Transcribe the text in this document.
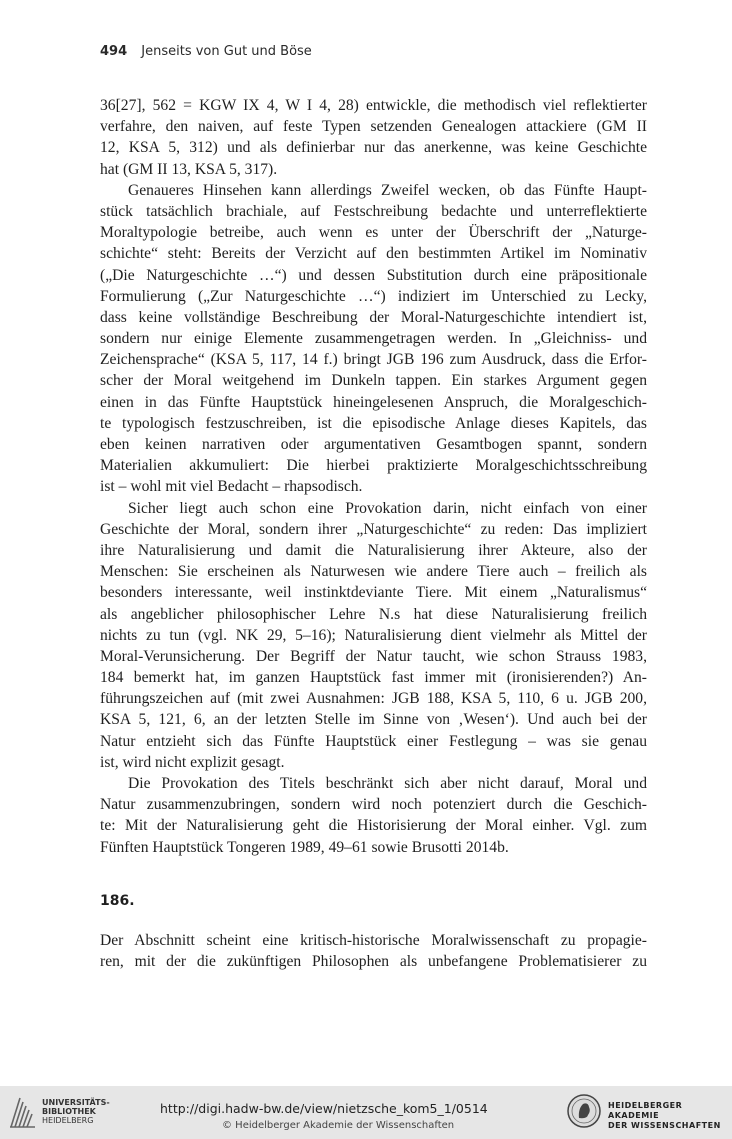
494 Jenseits von Gut und Böse
36[27], 562 = KGW IX 4, W I 4, 28) entwickle, die methodisch viel reflektierter
verfahre, den naiven, auf feste Typen setzenden Genealogen attackiere (GM II
12, KSA 5, 312) und als definierbar nur das anerkenne, was keine Geschichte
hat (GM II 13, KSA 5, 317).
Genaueres Hinsehen kann allerdings Zweifel wecken, ob das Fünfte Haupt-
stück tatsächlich brachiale, auf Festschreibung bedachte und unterreflektierte
Moraltypologie betreibe, auch wenn es unter der Überschrift der „Naturge-
schichte“ steht: Bereits der Verzicht auf den bestimmten Artikel im Nominativ
(„Die Naturgeschichte …“) und dessen Substitution durch eine präpositionale
Formulierung („Zur Naturgeschichte …“) indiziert im Unterschied zu Lecky,
dass keine vollständige Beschreibung der Moral-Naturgeschichte intendiert ist,
sondern nur einige Elemente zusammengetragen werden. In „Gleichniss- und
Zeichensprache“ (KSA 5, 117, 14 f.) bringt JGB 196 zum Ausdruck, dass die Erfor-
scher der Moral weitgehend im Dunkeln tappen. Ein starkes Argument gegen
einen in das Fünfte Hauptstück hineingelesenen Anspruch, die Moralgeschich-
te typologisch festzuschreiben, ist die episodische Anlage dieses Kapitels, das
eben keinen narrativen oder argumentativen Gesamtbogen spannt, sondern
Materialien akkumuliert: Die hierbei praktizierte Moralgeschichtsschreibung
ist – wohl mit viel Bedacht – rhapsodisch.
Sicher liegt auch schon eine Provokation darin, nicht einfach von einer
Geschichte der Moral, sondern ihrer „Naturgeschichte“ zu reden: Das impliziert
ihre Naturalisierung und damit die Naturalisierung ihrer Akteure, also der
Menschen: Sie erscheinen als Naturwesen wie andere Tiere auch – freilich als
besonders interessante, weil instinktdeviante Tiere. Mit einem „Naturalismus“
als angeblicher philosophischer Lehre N.s hat diese Naturalisierung freilich
nichts zu tun (vgl. NK 29, 5–16); Naturalisierung dient vielmehr als Mittel der
Moral-Verunsicherung. Der Begriff der Natur taucht, wie schon Strauss 1983,
184 bemerkt hat, im ganzen Hauptstück fast immer mit (ironisierenden?) An-
führungszeichen auf (mit zwei Ausnahmen: JGB 188, KSA 5, 110, 6 u. JGB 200,
KSA 5, 121, 6, an der letzten Stelle im Sinne von ‚Wesen‘). Und auch bei der
Natur entzieht sich das Fünfte Hauptstück einer Festlegung – was sie genau
ist, wird nicht explizit gesagt.
Die Provokation des Titels beschränkt sich aber nicht darauf, Moral und
Natur zusammenzubringen, sondern wird noch potenziert durch die Geschich-
te: Mit der Naturalisierung geht die Historisierung der Moral einher. Vgl. zum
Fünften Hauptstück Tongeren 1989, 49–61 sowie Brusotti 2014b.
186.
Der Abschnitt scheint eine kritisch-historische Moralwissenschaft zu propagie-
ren, mit der die zukünftigen Philosophen als unbefangene Problematisierer zu
UNIVERSITÄTS-
BIBLIOTHEK
HEIDELBERG
http://digi.hadw-bw.de/view/nietzsche_kom5_1/0514
© Heidelberger Akademie der Wissenschaften
HEIDELBERGER AKADEMIE
DER WISSENSCHAFTEN
